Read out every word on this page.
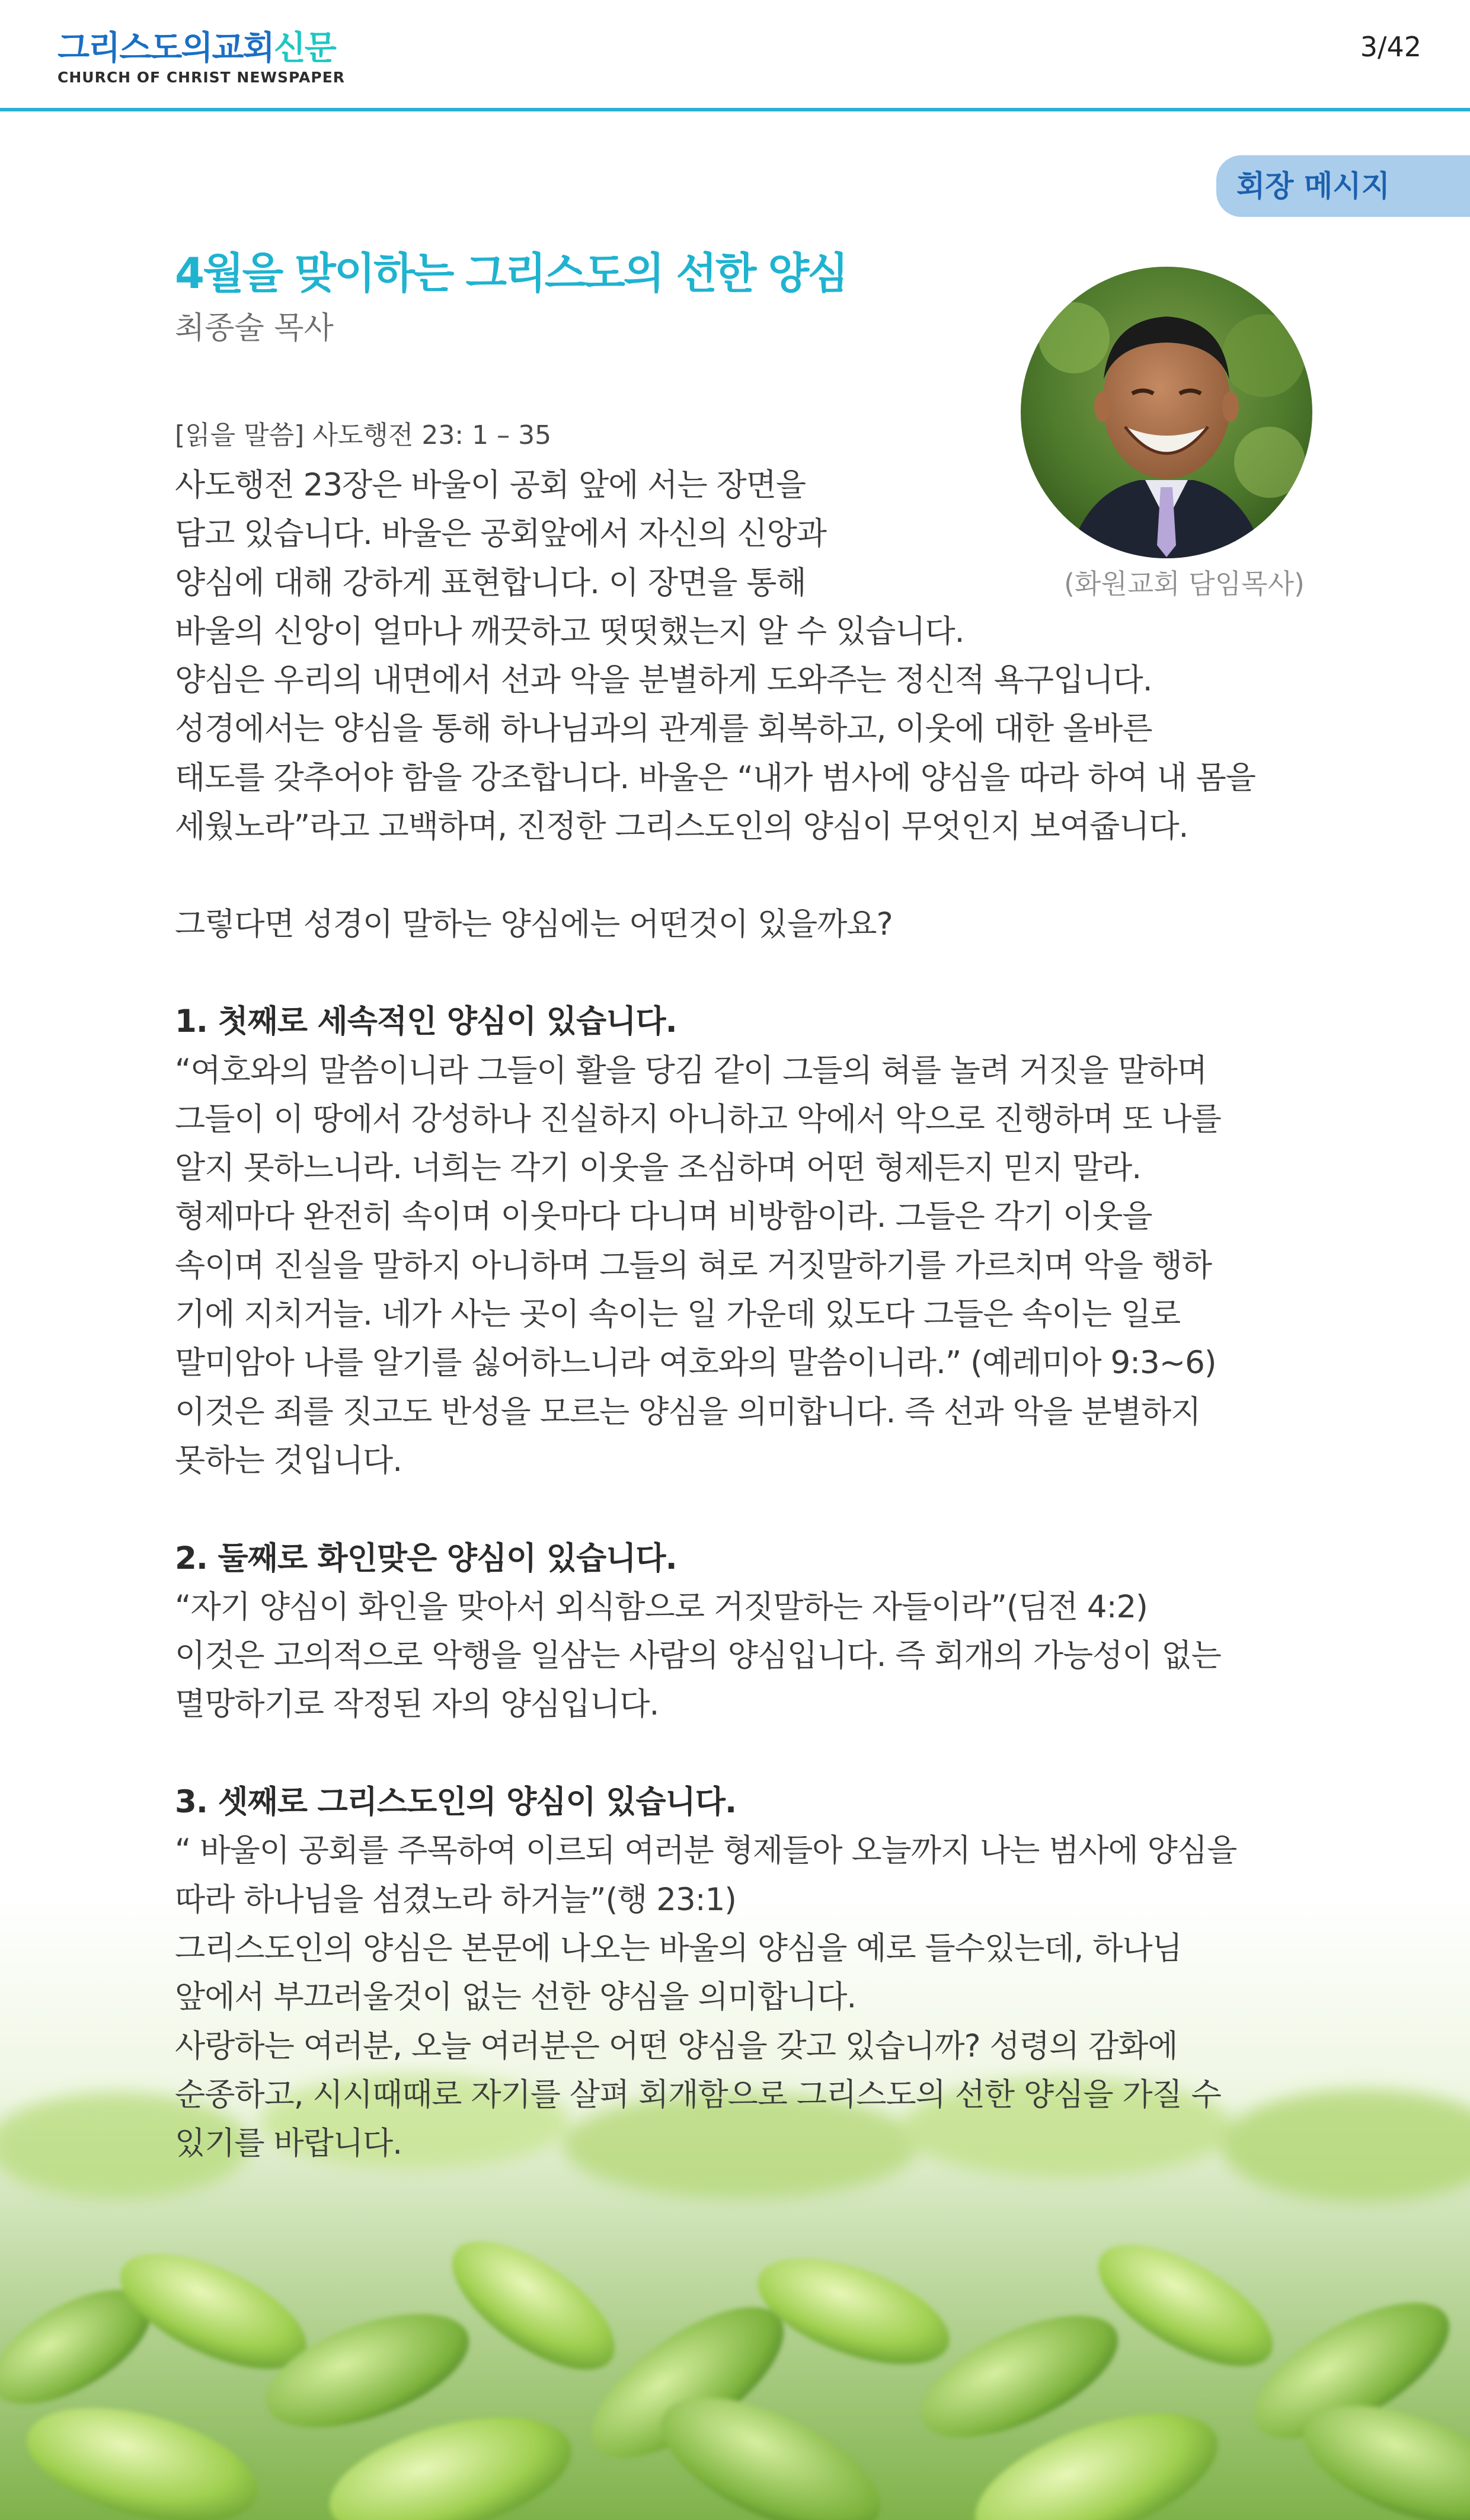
그리스도의교회신문
CHURCH OF CHRIST NEWSPAPER
3/42
회장 메시지
4월을 맞이하는 그리스도의 선한 양심
최종술 목사
(화원교회 담임목사)
[읽을 말씀] 사도행전 23: 1 – 35
사도행전 23장은 바울이 공회 앞에 서는 장면을
담고 있습니다. 바울은 공회앞에서 자신의 신앙과
양심에 대해 강하게 표현합니다. 이 장면을 통해
바울의 신앙이 얼마나 깨끗하고 떳떳했는지 알 수 있습니다.
양심은 우리의 내면에서 선과 악을 분별하게 도와주는 정신적 욕구입니다.
성경에서는 양심을 통해 하나님과의 관계를 회복하고, 이웃에 대한 올바른
태도를 갖추어야 함을 강조합니다. 바울은 “내가 범사에 양심을 따라 하여 내 몸을
세웠노라”라고 고백하며, 진정한 그리스도인의 양심이 무엇인지 보여줍니다.
그렇다면 성경이 말하는 양심에는 어떤것이 있을까요?
1. 첫째로 세속적인 양심이 있습니다.
“여호와의 말씀이니라 그들이 활을 당김 같이 그들의 혀를 놀려 거짓을 말하며
그들이 이 땅에서 강성하나 진실하지 아니하고 악에서 악으로 진행하며 또 나를
알지 못하느니라. 너희는 각기 이웃을 조심하며 어떤 형제든지 믿지 말라.
형제마다 완전히 속이며 이웃마다 다니며 비방함이라. 그들은 각기 이웃을
속이며 진실을 말하지 아니하며 그들의 혀로 거짓말하기를 가르치며 악을 행하
기에 지치거늘. 네가 사는 곳이 속이는 일 가운데 있도다 그들은 속이는 일로
말미암아 나를 알기를 싫어하느니라 여호와의 말씀이니라.” (예레미아 9:3~6)
이것은 죄를 짓고도 반성을 모르는 양심을 의미합니다. 즉 선과 악을 분별하지
못하는 것입니다.
2. 둘째로 화인맞은 양심이 있습니다.
“자기 양심이 화인을 맞아서 외식함으로 거짓말하는 자들이라”(딤전 4:2)
이것은 고의적으로 악행을 일삼는 사람의 양심입니다. 즉 회개의 가능성이 없는
멸망하기로 작정된 자의 양심입니다.
3. 셋째로 그리스도인의 양심이 있습니다.
“ 바울이 공회를 주목하여 이르되 여러분 형제들아 오늘까지 나는 범사에 양심을
따라 하나님을 섬겼노라 하거늘”(행 23:1)
그리스도인의 양심은 본문에 나오는 바울의 양심을 예로 들수있는데, 하나님
앞에서 부끄러울것이 없는 선한 양심을 의미합니다.
사랑하는 여러분, 오늘 여러분은 어떤 양심을 갖고 있습니까? 성령의 감화에
순종하고, 시시때때로 자기를 살펴 회개함으로 그리스도의 선한 양심을 가질 수
있기를 바랍니다.
